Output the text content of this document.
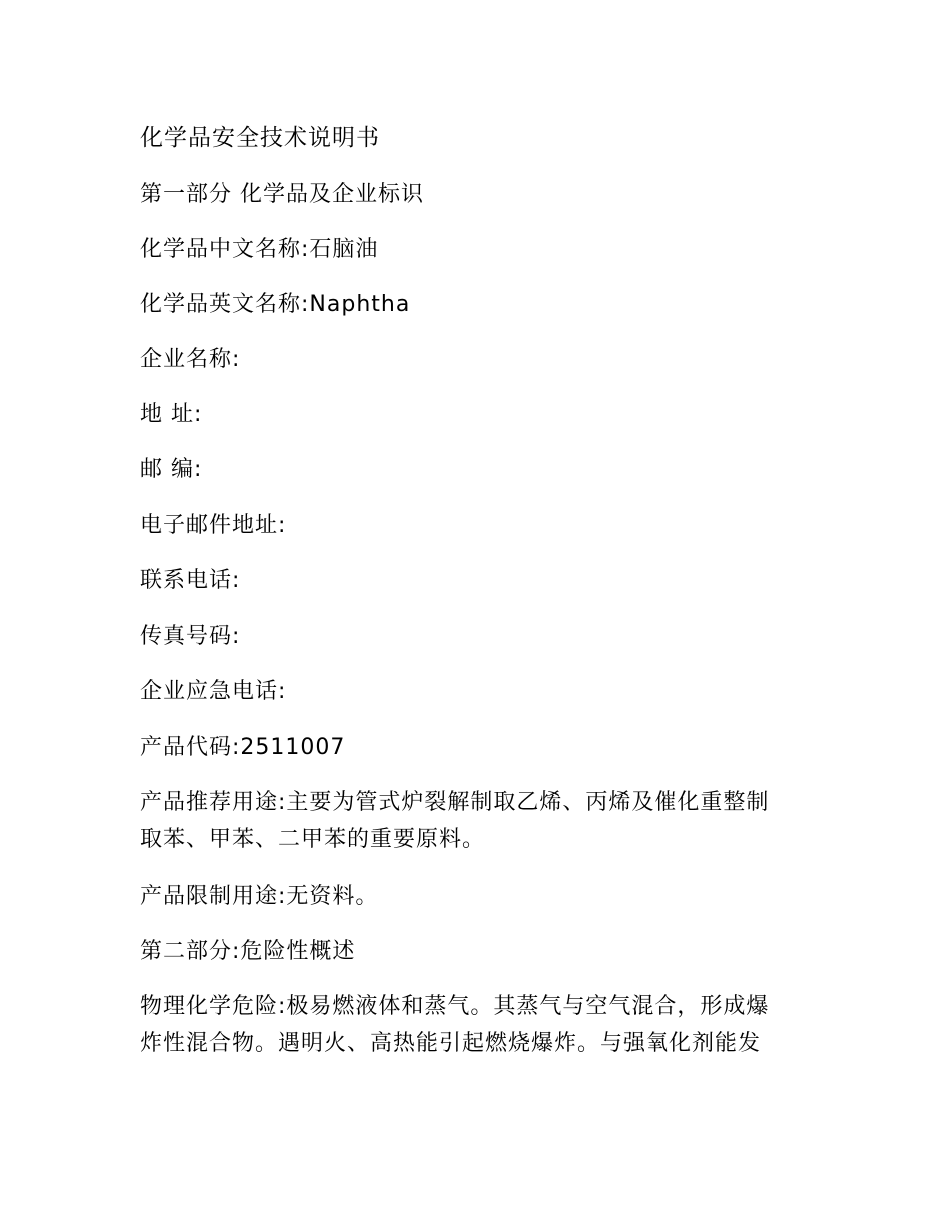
化学品安全技术说明书
第一部分 化学品及企业标识
化学品中文名称:石脑油
化学品英文名称:Naphtha
企业名称:
地 址:
邮 编:
电子邮件地址:
联系电话:
传真号码:
企业应急电话:
产品代码:2511007
产品推荐用途:主要为管式炉裂解制取乙烯、丙烯及催化重整制
取苯、甲苯、二甲苯的重要原料。
产品限制用途:无资料。
第二部分:危险性概述
物理化学危险:极易燃液体和蒸气。其蒸气与空气混合，形成爆
炸性混合物。遇明火、高热能引起燃烧爆炸。与强氧化剂能发
